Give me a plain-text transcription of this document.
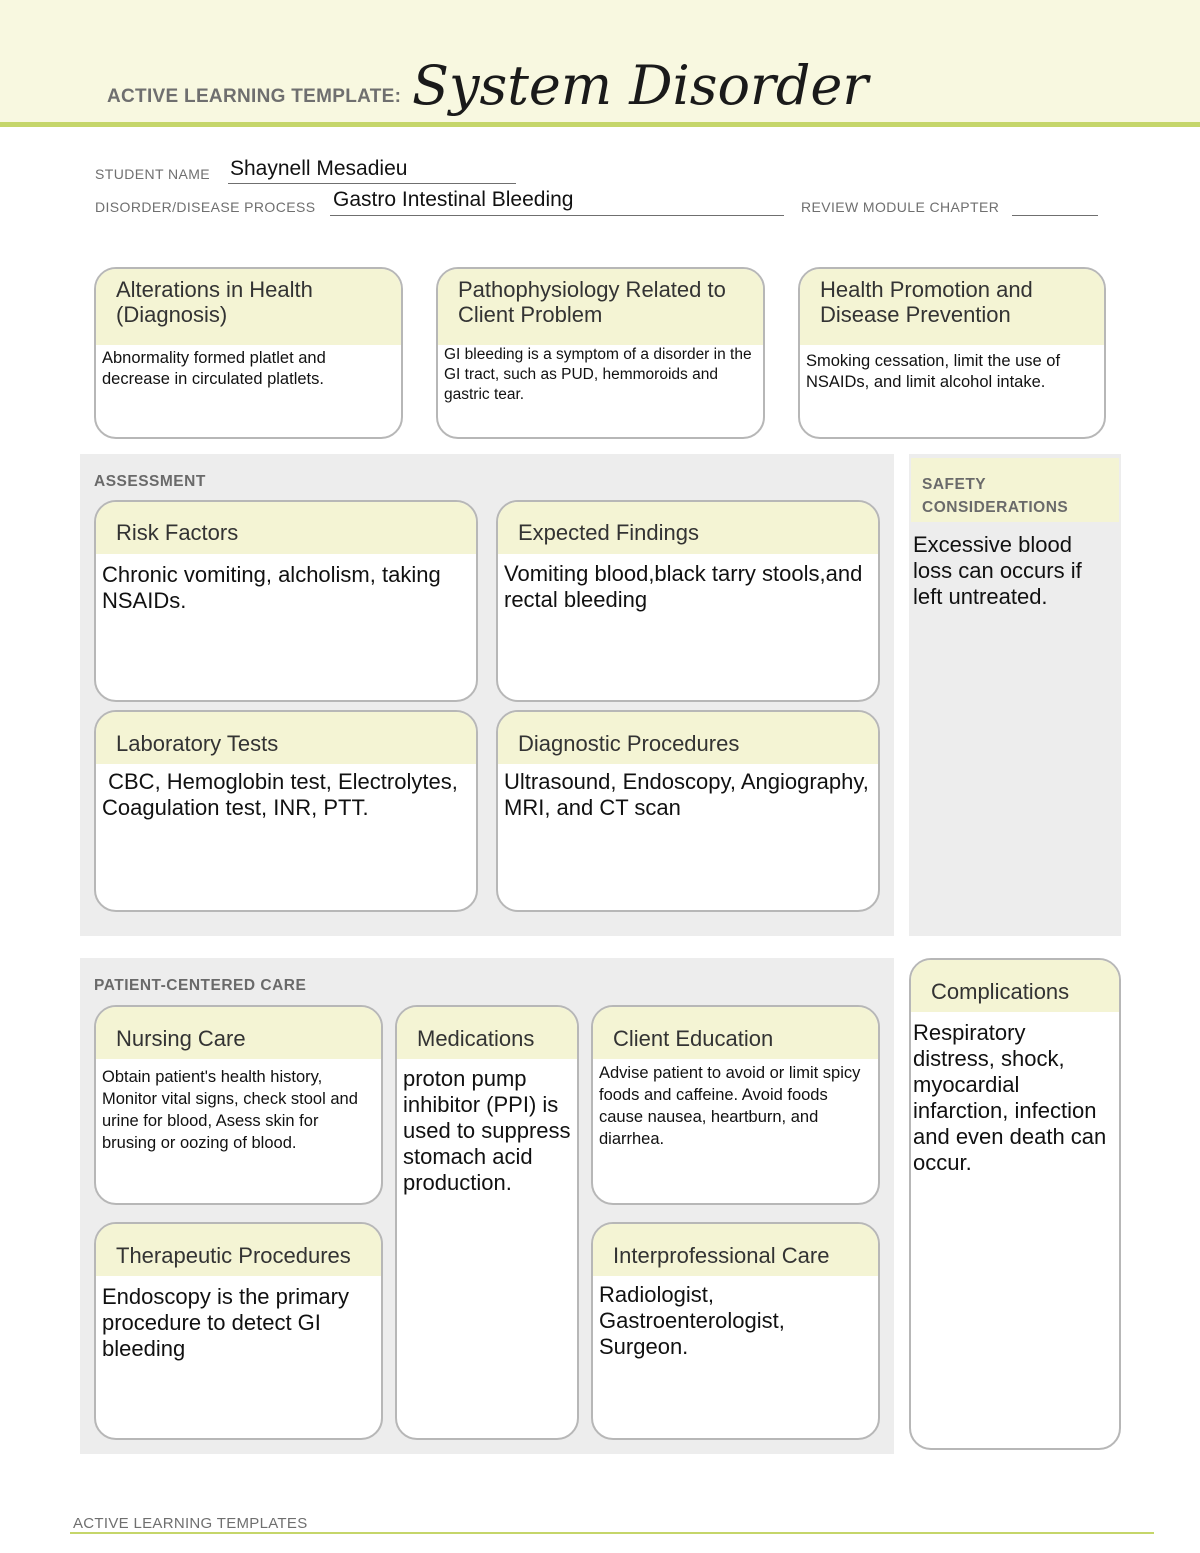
ACTIVE LEARNING TEMPLATE: System Disorder
STUDENT NAME Shaynell Mesadieu
DISORDER/DISEASE PROCESS Gastro Intestinal Bleeding	REVIEW MODULE CHAPTER
Alterations in Health (Diagnosis)
Abnormality formed platlet and decrease in circulated platlets.
Pathophysiology Related to Client Problem
GI bleeding is a symptom of a disorder in the GI tract, such as PUD, hemmoroids and gastric tear.
Health Promotion and Disease Prevention
Smoking cessation, limit the use of NSAIDs, and limit alcohol intake.
ASSESSMENT
Risk Factors
Chronic vomiting, alcholism, taking NSAIDs.
Expected Findings
Vomiting blood,black tarry stools,and rectal bleeding
Laboratory Tests
CBC, Hemoglobin test, Electrolytes, Coagulation test, INR, PTT.
Diagnostic Procedures
Ultrasound, Endoscopy, Angiography, MRI, and CT scan
SAFETY CONSIDERATIONS
Excessive blood loss can occurs if left untreated.
PATIENT-CENTERED CARE
Nursing Care
Obtain patient's health history, Monitor vital signs, check stool and urine for blood, Asess skin for brusing or oozing of blood.
Medications
proton pump inhibitor (PPI) is used to suppress stomach acid production.
Client Education
Advise patient to avoid or limit spicy foods and caffeine. Avoid foods cause nausea, heartburn, and diarrhea.
Therapeutic Procedures
Endoscopy is the primary procedure to detect GI bleeding
Interprofessional Care
Radiologist, Gastroenterologist, Surgeon.
Complications
Respiratory distress, shock, myocardial infarction, infection and even death can occur.
ACTIVE LEARNING TEMPLATES
